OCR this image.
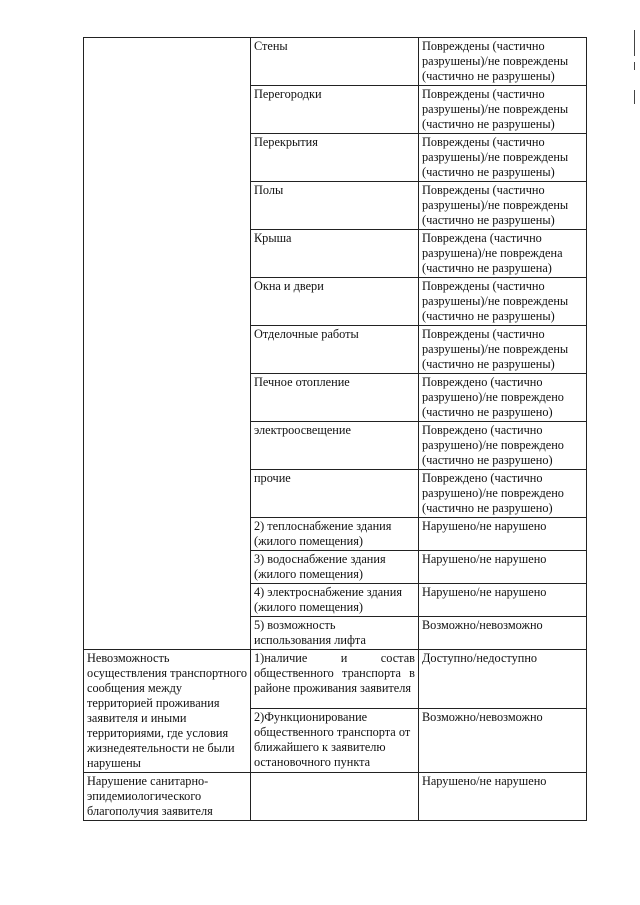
	Стены	Повреждены (частично разрушены)/не повреждены (частично не разрушены)
	Перегородки	Повреждены (частично разрушены)/не повреждены (частично не разрушены)
	Перекрытия	Повреждены (частично разрушены)/не повреждены (частично не разрушены)
	Полы	Повреждены (частично разрушены)/не повреждены (частично не разрушены)
	Крыша	Повреждена (частично разрушена)/не повреждена (частично не разрушена)
	Окна и двери	Повреждены (частично разрушены)/не повреждены (частично не разрушены)
	Отделочные работы	Повреждены (частично разрушены)/не повреждены (частично не разрушены)
	Печное отопление	Повреждено (частично разрушено)/не повреждено (частично не разрушено)
	электроосвещение	Повреждено (частично разрушено)/не повреждено (частично не разрушено)
	прочие	Повреждено (частично разрушено)/не повреждено (частично не разрушено)
	2) теплоснабжение здания (жилого помещения)	Нарушено/не нарушено
	3) водоснабжение здания (жилого помещения)	Нарушено/не нарушено
	4) электроснабжение здания (жилого помещения)	Нарушено/не нарушено
	5) возможность использования лифта	Возможно/невозможно
Невозможность осуществления транспортного сообщения между территорией проживания заявителя и иными территориями, где условия жизнедеятельности не были нарушены	1)наличие и состав общественного транспорта в районе проживания заявителя	Доступно/недоступно
	2)Функционирование общественного транспорта от ближайшего к заявителю остановочного пункта	Возможно/невозможно
Нарушение санитарно-эпидемиологического благополучия заявителя		Нарушено/не нарушено
